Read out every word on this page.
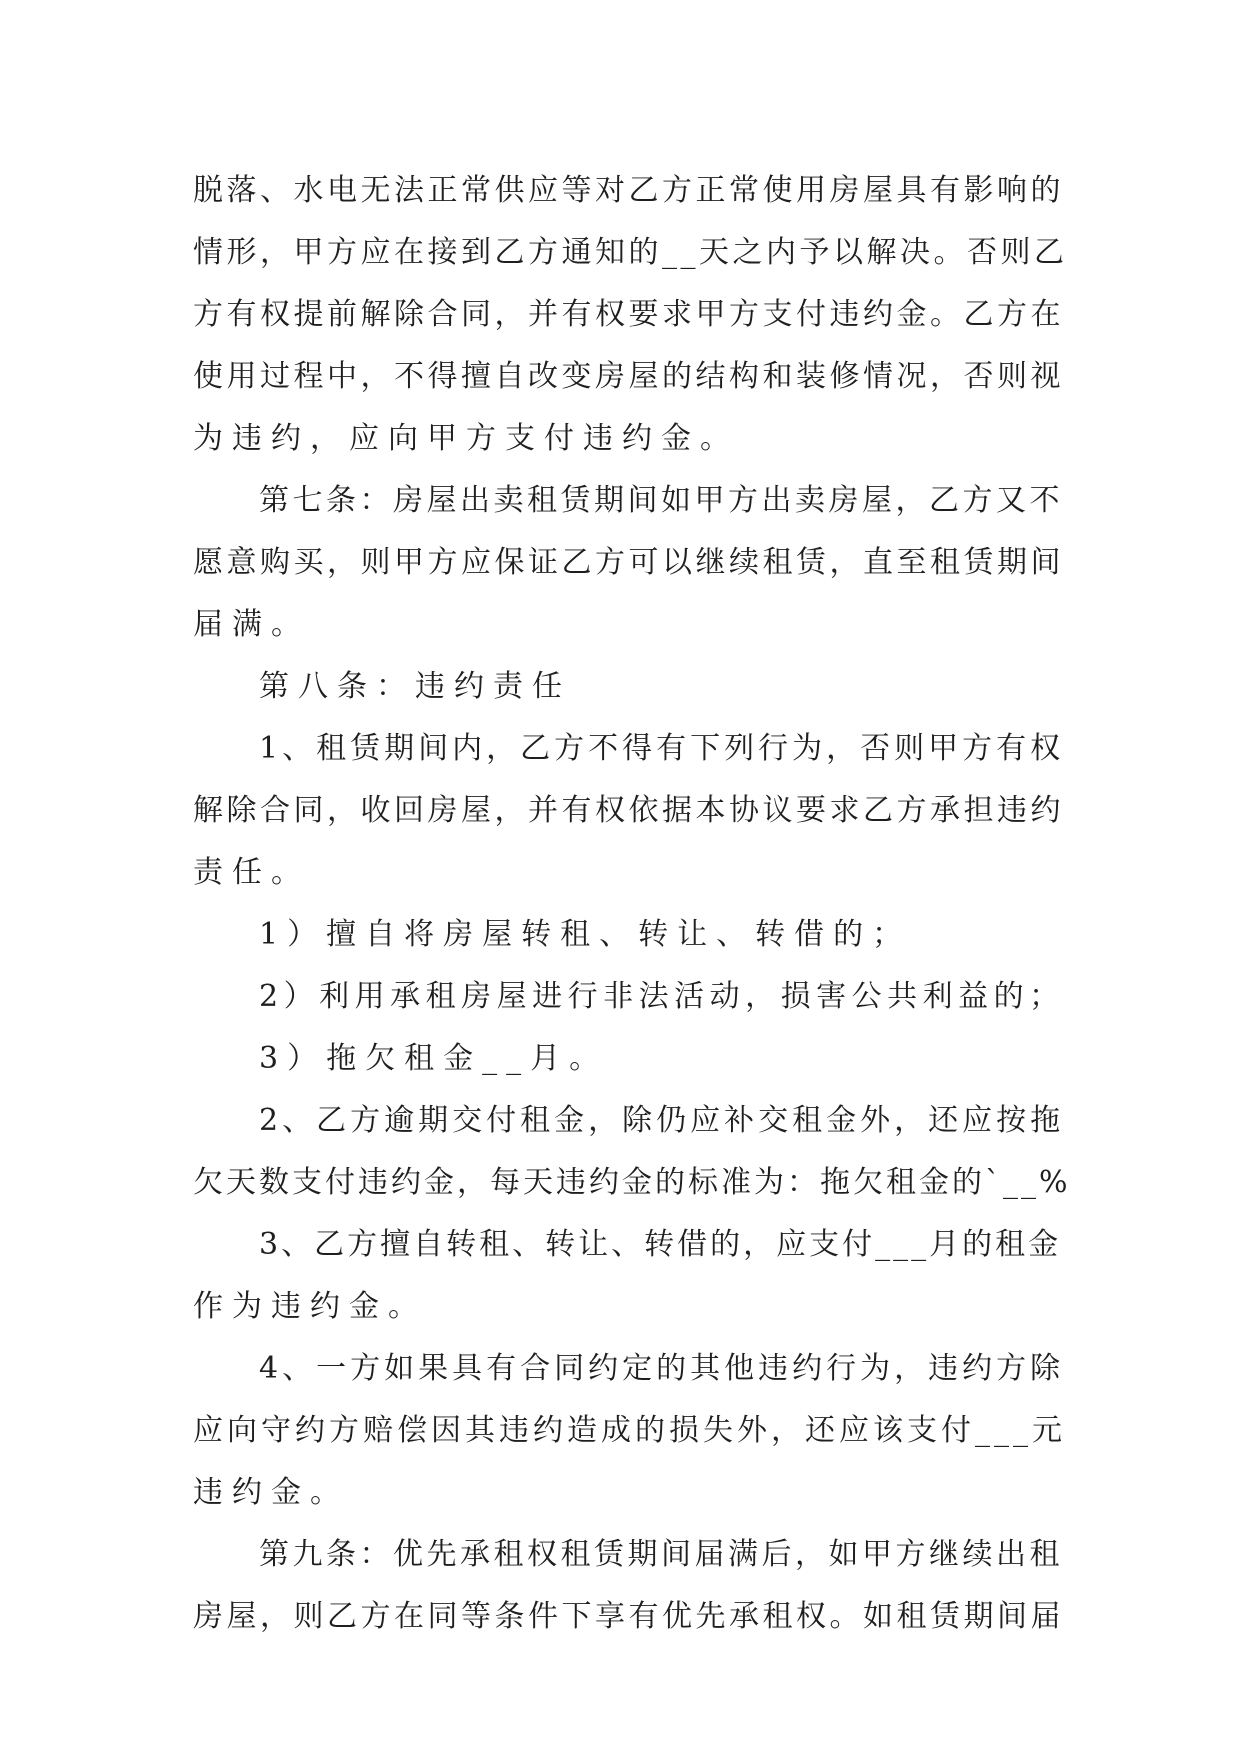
脱落、水电无法正常供应等对乙方正常使用房屋具有影响的
情形，甲方应在接到乙方通知的__天之内予以解决。否则乙
方有权提前解除合同，并有权要求甲方支付违约金。乙方在
使用过程中，不得擅自改变房屋的结构和装修情况，否则视
为违约，应向甲方支付违约金。
第七条：房屋出卖租赁期间如甲方出卖房屋，乙方又不
愿意购买，则甲方应保证乙方可以继续租赁，直至租赁期间
届满。
第八条：违约责任
1、租赁期间内，乙方不得有下列行为，否则甲方有权
解除合同，收回房屋，并有权依据本协议要求乙方承担违约
责任。
1）擅自将房屋转租、转让、转借的；
2）利用承租房屋进行非法活动，损害公共利益的；
3）拖欠租金__月。
2、乙方逾期交付租金，除仍应补交租金外，还应按拖
欠天数支付违约金，每天违约金的标准为：拖欠租金的`__%
3、乙方擅自转租、转让、转借的，应支付___月的租金
作为违约金。
4、一方如果具有合同约定的其他违约行为，违约方除
应向守约方赔偿因其违约造成的损失外，还应该支付___元
违约金。
第九条：优先承租权租赁期间届满后，如甲方继续出租
房屋，则乙方在同等条件下享有优先承租权。如租赁期间届
